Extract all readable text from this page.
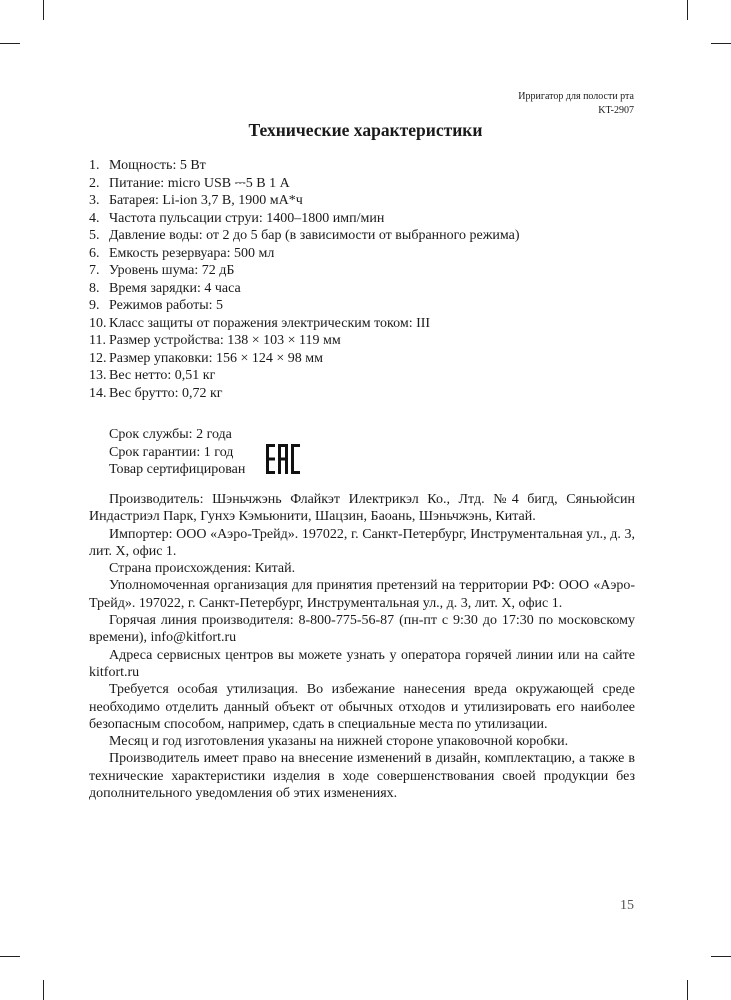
Ирригатор для полости рта
KT-2907
Технические характеристики
1. Мощность: 5 Вт
2. Питание: micro USB ⎓5 В 1 А
3. Батарея: Li-ion 3,7 В, 1900 мА*ч
4. Частота пульсации струи: 1400–1800 имп/мин
5. Давление воды: от 2 до 5 бар (в зависимости от выбранного режима)
6. Емкость резервуара: 500 мл
7. Уровень шума: 72 дБ
8. Время зарядки: 4 часа
9. Режимов работы: 5
10. Класс защиты от поражения электрическим током: III
11. Размер устройства: 138 × 103 × 119 мм
12. Размер упаковки: 156 × 124 × 98 мм
13. Вес нетто: 0,51 кг
14. Вес брутто: 0,72 кг
Срок службы: 2 года
Срок гарантии: 1 год
Товар сертифицирован

Производитель: Шэньчжэнь Флайкэт Илектрикэл Ко., Лтд. №4 бигд, Сяньюйсин Индастриэл Парк, Гунхэ Кэмьюнити, Шацзин, Баоань, Шэньчжэнь, Китай.

Импортер: ООО «Аэро-Трейд». 197022, г. Санкт-Петербург, Инструментальная ул., д. 3, лит. Х, офис 1.

Страна происхождения: Китай.

Уполномоченная организация для принятия претензий на территории РФ: ООО «Аэро-Трейд». 197022, г. Санкт-Петербург, Инструментальная ул., д. 3, лит. Х, офис 1.

Горячая линия производителя: 8-800-775-56-87 (пн-пт с 9:30 до 17:30 по московскому времени), info@kitfort.ru

Адреса сервисных центров вы можете узнать у оператора горячей линии или на сайте kitfort.ru

Требуется особая утилизация. Во избежание нанесения вреда окружающей среде необходимо отделить данный объект от обычных отходов и утилизировать его наиболее безопасным способом, например, сдать в специальные места по утилизации.

Месяц и год изготовления указаны на нижней стороне упаковочной коробки.

Производитель имеет право на внесение изменений в дизайн, комплектацию, а также в технические характеристики изделия в ходе совершенствования своей продукции без дополнительного уведомления об этих изменениях.

15
